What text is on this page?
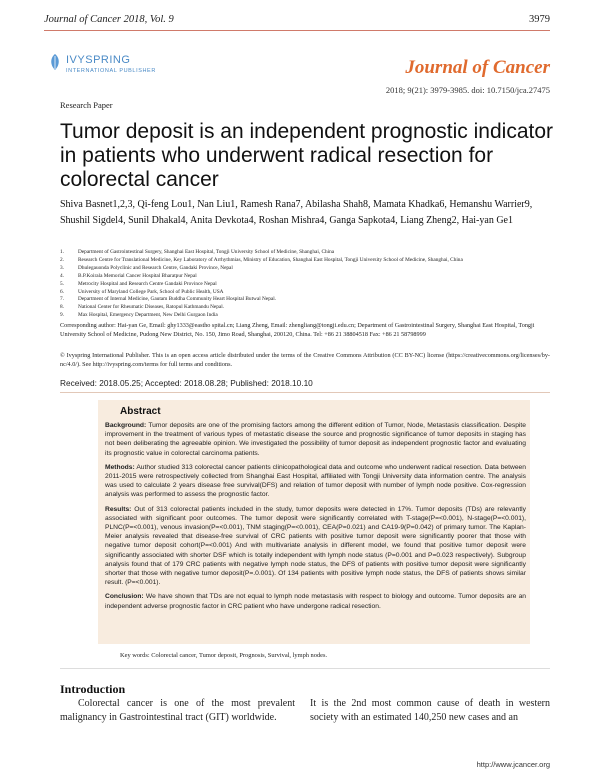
Journal of Cancer 2018, Vol. 9	3979
IVYSPRING
INTERNATIONAL PUBLISHER	Journal of Cancer
2018; 9(21): 3979-3985. doi: 10.7150/jca.27475
Research Paper
Tumor deposit is an independent prognostic indicator in patients who underwent radical resection for colorectal cancer
Shiva Basnet1,2,3, Qi-feng Lou1, Nan Liu1, Ramesh Rana7, Abilasha Shah8, Mamata Khadka6, Hemanshu Warrier9, Shushil Sigdel4, Sunil Dhakal4, Anita Devkota4, Roshan Mishra4, Ganga Sapkota4, Liang Zheng2, Hai-yan Ge1
1.	Department of Gastrointestinal Surgery, Shanghai East Hospital, Tongji University School of Medicine, Shanghai, China
2.	Research Centre for Translational Medicine, Key Laboratory of Arrhythmias, Ministry of Education, Shanghai East Hospital, Tongji University School of Medicine, Shanghai, China
3.	Dhulegauonda Polyclinic and Research Centre, Gandaki Province, Nepal
4.	B.P.Koirala Memorial Cancer Hospital Bharatpur Nepal
5.	Metrocity Hospital and Research Centre Gandaki Province Nepal
6.	University of Maryland College Park, School of Public Health, USA
7.	Department of Internal Medicine, Gautam Buddha Community Heart Hospital Butwal Nepal.
8.	National Center for Rheumatic Diseases, Ratopul Kathmandu Nepal.
9.	Max Hospital, Emergency Department, New Delhi Gurgaon India
Corresponding author: Hai-yan Ge, Email: ghy1333@eastho spital.cn; Liang Zheng, Email: zhengliang@tongji.edu.cn; Department of Gastrointestinal Surgery, Shanghai East Hospital, Tongji University School of Medicine, Pudong New District, No. 150, Jimo Road, Shanghai, 200120, China. Tel: +86 21 38804518 Fax: +86 21 58798999
© Ivyspring International Publisher. This is an open access article distributed under the terms of the Creative Commons Attribution (CC BY-NC) license (https://creativecommons.org/licenses/by-nc/4.0/). See http://ivyspring.com/terms for full terms and conditions.
Received: 2018.05.25; Accepted: 2018.08.28; Published: 2018.10.10
Abstract

Background: Tumor deposits are one of the promising factors among the different edition of Tumor, Node, Metastasis classification. Despite improvement in the treatment of various types of metastatic disease the source and prognostic significance of tumor deposits in staging has not been deliberating the agreeable opinion. We investigated the possibility of tumor deposit as independent prognostic factor and evaluating its prognostic value in colorectal carcinoma patients.

Methods: Author studied 313 colorectal cancer patients clinicopathological data and outcome who underwent radical resection. Data between 2011-2015 were retrospectively collected from Shanghai East Hospital, affiliated with Tongji University data information centre. The analysis was used to calculate 2 years disease free survival(DFS) and relation of tumor deposit with number of lymph node positive. Cox-regression analysis was performed to assess the prognostic factor.

Results: Out of 313 colorectal patients included in the study, tumor deposits were detected in 17%. Tumor deposits (TDs) are relevantly associated with significant poor outcomes. The tumor deposit were significantly correlated with T-stage(P=<0.001), N-stage(P=<0.001), PLNC(P=<0.001), venous invasion(P=<0.001), TNM staging(P=<0.001), CEA(P=0.021) and CA19-9(P=0.042) of primary tumor. The Kaplan-Meier analysis revealed that disease-free survival of CRC patients with positive tumor deposit were significantly poorer that those with negative tumor deposit cohort(P=<0.001) And with multivariate analysis in different model, we found that positive tumor deposit were significantly associated with shorter DSF which is totally independent with lymph node status (P=0.001 and P=0.023 respectively). Subgroup analysis found that of 179 CRC patients with negative lymph node status, the DFS of patients with positive tumor deposit were significantly shorter that those with negative tumor deposit(P=.0.001). Of 134 patients with positive lymph node status, the DFS of patients shows similar result. (P=<0.001).

Conclusion: We have shown that TDs are not equal to lymph node metastasis with respect to biology and outcome. Tumor deposits are an independent adverse prognostic factor in CRC patient who have undergone radical resection.

Key words: Colorectal cancer, Tumor deposit, Prognosis, Survival, lymph nodes.
Introduction
Colorectal cancer is one of the most prevalent malignancy in Gastrointestinal tract (GIT) worldwide.
It is the 2nd most common cause of death in western society with an estimated 140,250 new cases and an
http://www.jcancer.org
